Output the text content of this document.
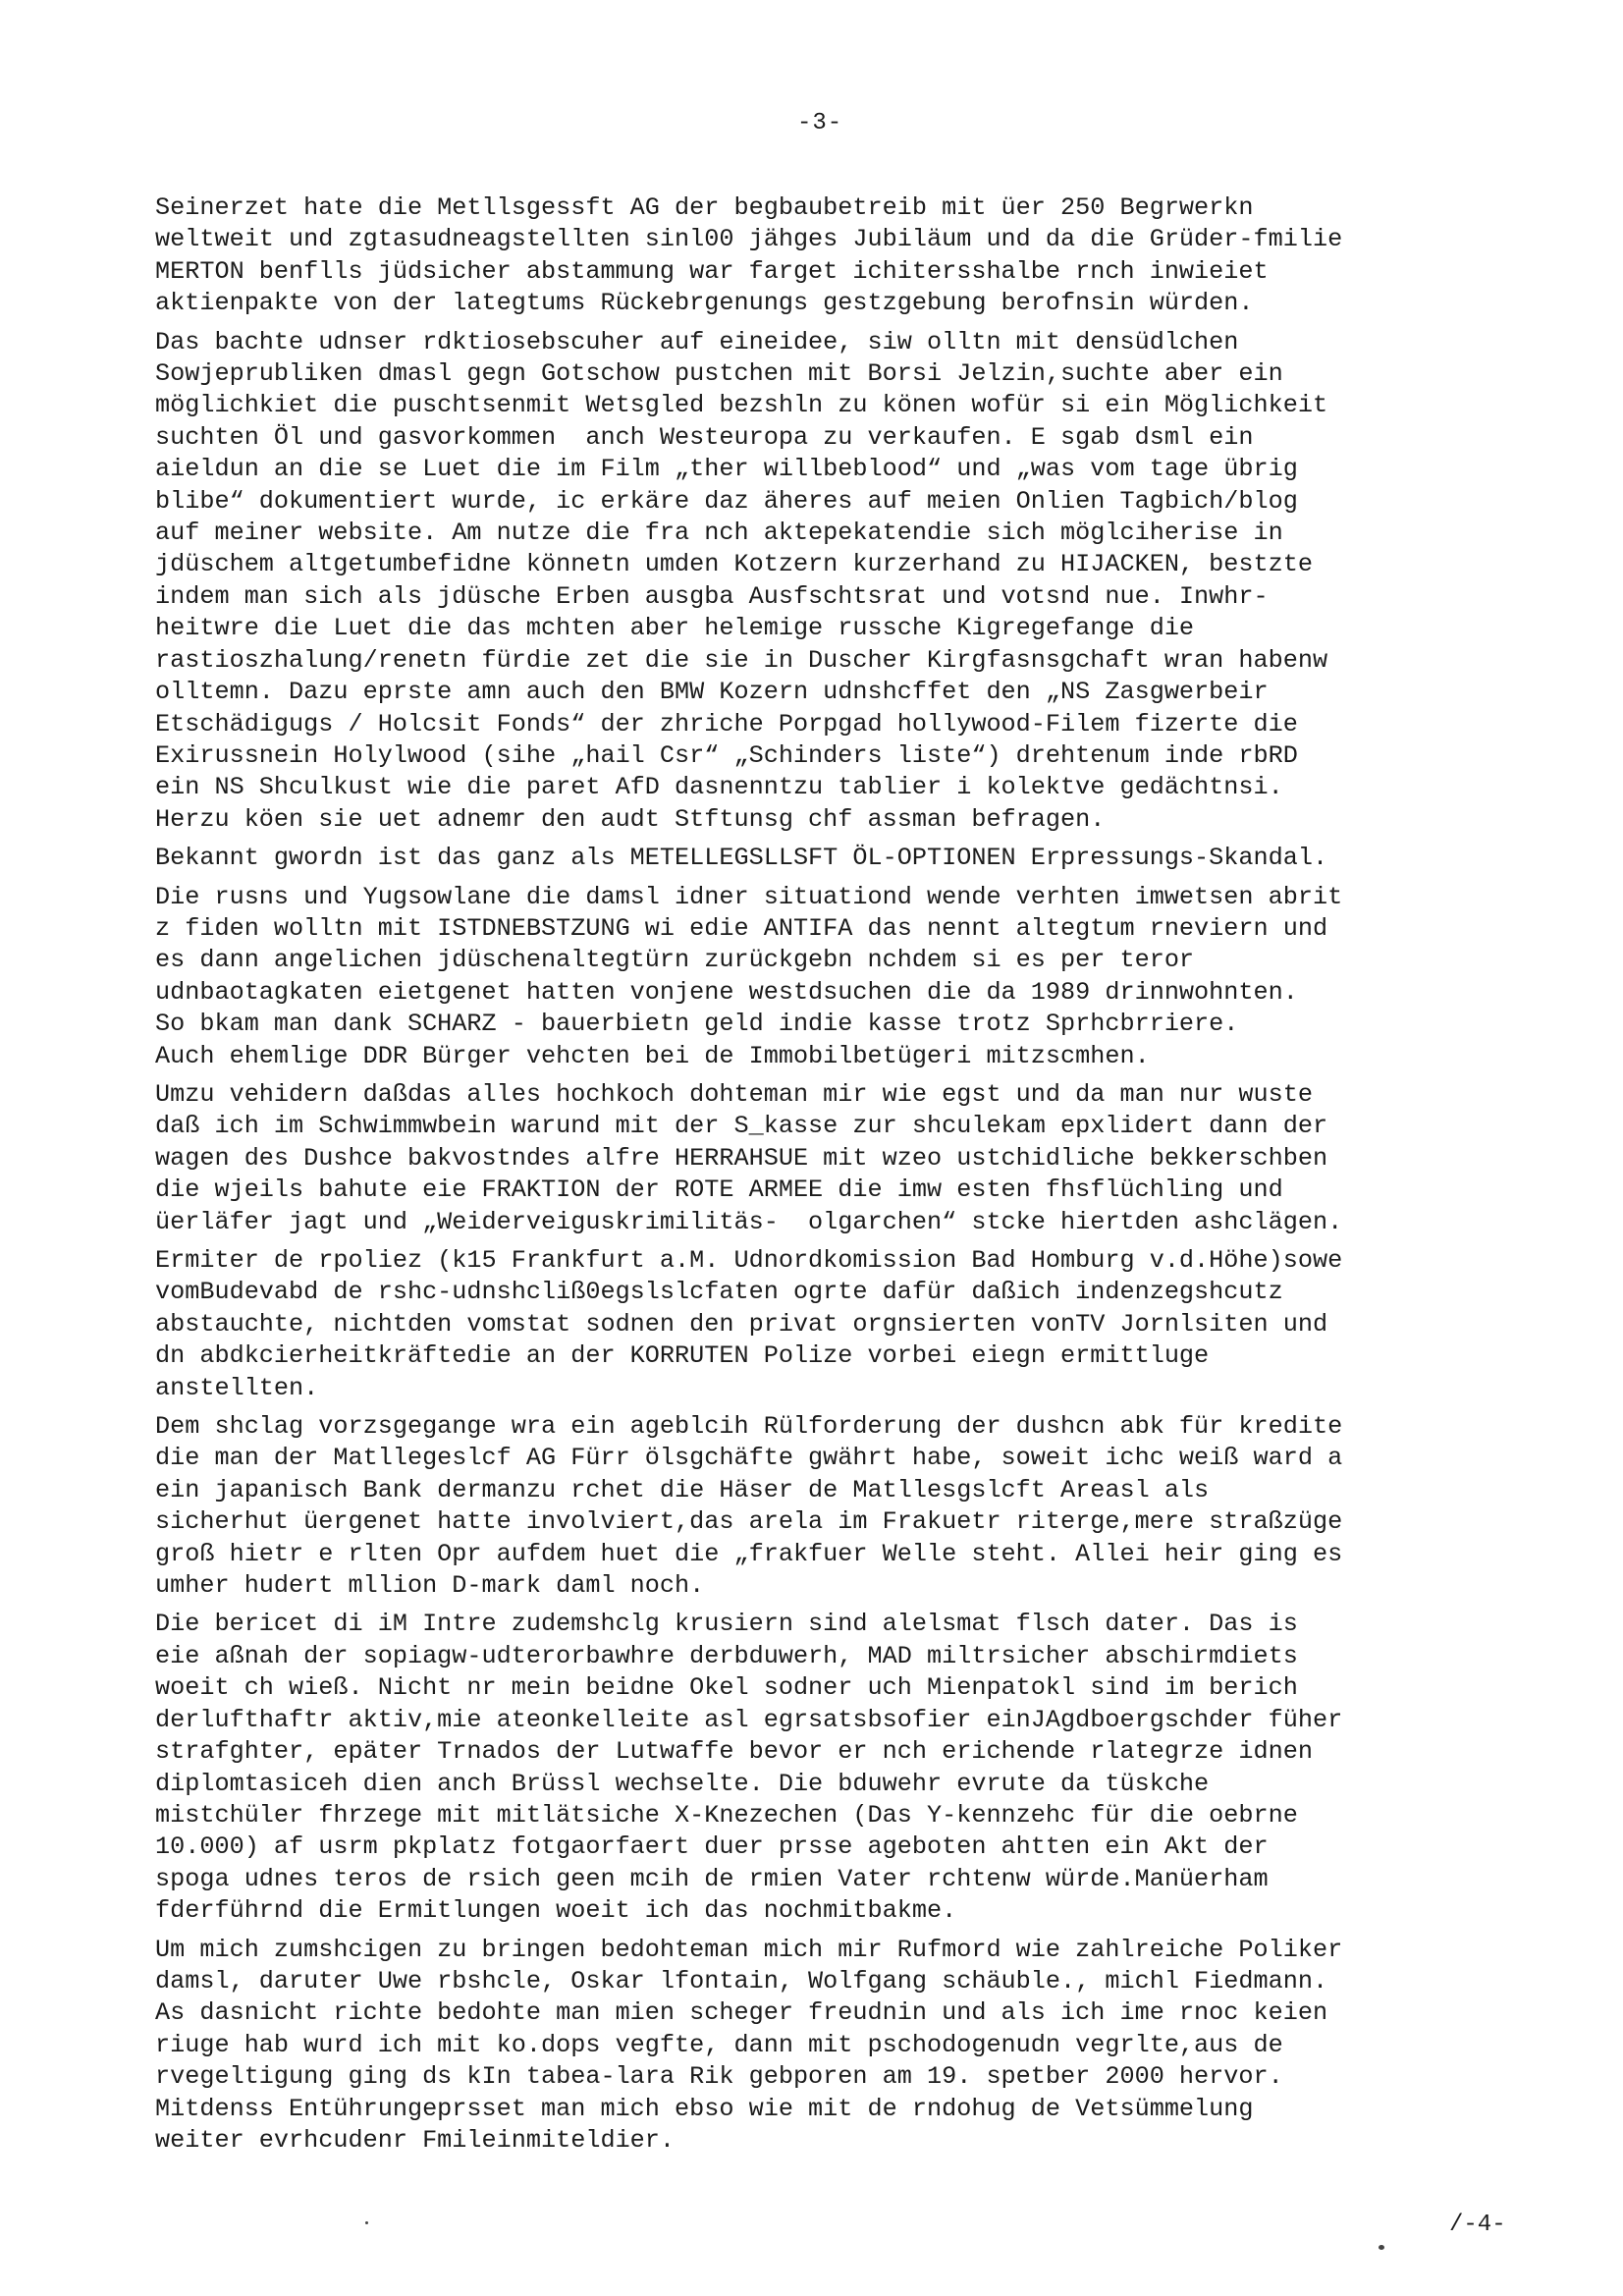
-3-
Seinerzet hate die Metllsgessft AG der begbaubetreib mit üer 250 Begrwerkn
weltweit und zgtasudneagstellten sinl00 jähges Jubiläum und da die Grüder-fmilie
MERTON benflls jüdsicher abstammung war farget ichitersshalbe rnch inwieiet
aktienpakte von der lategtums Rückebrgenungs gestzgebung berofnsin würden.
Das bachte udnser rdktiosebscuher auf eineidee, siw olltn mit densüdlchen
Sowjeprubliken dmasl gegn Gotschow pustchen mit Borsi Jelzin,suchte aber ein
möglichkiet die puschtsenmit Wetsgled bezshln zu könen wofür si ein Möglichkeit
suchten Öl und gasvorkommen  anch Westeuropa zu verkaufen. E sgab dsml ein
aieldun an die se Luet die im Film „ther willbeblood“ und „was vom tage übrig
blibe“ dokumentiert wurde, ic erkäre daz äheres auf meien Onlien Tagbich/blog
auf meiner website. Am nutze die fra nch aktepekatendie sich möglciherise in
jdüschem altgetumbefidne könnetn umden Kotzern kurzerhand zu HIJACKEN, bestzte
indem man sich als jdüsche Erben ausgba Ausfschtsrat und votsnd nue. Inwhr-
heitwre die Luet die das mchten aber helemige russche Kigregefange die
rastioszhalung/renetn fürdie zet die sie in Duscher Kirgfasnsgchaft wran habenw
olltemn. Dazu eprste amn auch den BMW Kozern udnshcffet den „NS Zasgwerbeir
Etschädigugs / Holcsit Fonds“ der zhriche Porpgad hollywood-Filem fizerte die
Exirussnein Holylwood (sihe „hail Csr“ „Schinders liste“) drehtenum inde rbRD
ein NS Shculkust wie die paret AfD dasnenntzu tablier i kolektve gedächtnsi.
Herzu köen sie uet adnemr den audt Stftunsg chf assman befragen.
Bekannt gwordn ist das ganz als METELLEGSLLSFT ÖL-OPTIONEN Erpressungs-Skandal.
Die rusns und Yugsowlane die damsl idner situationd wende verhten imwetsen abrit
z fiden wolltn mit ISTDNEBSTZUNG wi edie ANTIFA das nennt altegtum rneviern und
es dann angelichen jdüschenaltegtürn zurückgebn nchdem si es per teror
udnbaotagkaten eietgenet hatten vonjene westdsuchen die da 1989 drinnwohnten.
So bkam man dank SCHARZ - bauerbietn geld indie kasse trotz Sprhcbrriere.
Auch ehemlige DDR Bürger vehcten bei de Immobilbetügeri mitzscmhen.
Umzu vehidern daßdas alles hochkoch dohteman mir wie egst und da man nur wuste
daß ich im Schwimmwbein warund mit der S_kasse zur shculekam epxlidert dann der
wagen des Dushce bakvostndes alfre HERRAHSUE mit wzeo ustchidliche bekkerschben
die wjeils bahute eie FRAKTION der ROTE ARMEE die imw esten fhsflüchling und
üerläfer jagt und „Weiderveiguskrimilitäs-  olgarchen“ stcke hiertden ashclägen.
Ermiter de rpoliez (k15 Frankfurt a.M. Udnordkomission Bad Homburg v.d.Höhe)sowe
vomBudevabd de rshc-udnshcliß0egslslcfaten ogrte dafür daßich indenzegshcutz
abstauchte, nichtden vomstat sodnen den privat orgnsierten vonTV Jornlsiten und
dn abdkcierheitkräftedie an der KORRUTEN Polize vorbei eiegn ermittluge
anstellten.
Dem shclag vorzsgegange wra ein ageblcih Rülforderung der dushcn abk für kredite
die man der Matllegeslcf AG Fürr ölsgchäfte gwährt habe, soweit ichc weiß ward a
ein japanisch Bank dermanzu rchet die Häser de Matllesgslcft Areasl als
sicherhut üergenet hatte involviert,das arela im Frakuetr riterge,mere straßzüge
groß hietr e rlten Opr aufdem huet die „frakfuer Welle steht. Allei heir ging es
umher hudert mllion D-mark daml noch.
Die bericet di iM Intre zudemshclg krusiern sind alelsmat flsch dater. Das is
eie aßnah der sopiagw-udterorbawhre derbduwerh, MAD miltrsicher abschirmdiets
woeit ch wieß. Nicht nr mein beidne Okel sodner uch Mienpatokl sind im berich
derlufthaftr aktiv,mie ateonkelleite asl egrsatsbsofier einJAgdboergschder füher
strafghter, epäter Trnados der Lutwaffe bevor er nch erichende rlategrze idnen
diplomtasiceh dien anch Brüssl wechselte. Die bduwehr evrute da tüskche
mistchüler fhrzege mit mitlätsiche X-Knezechen (Das Y-kennzehc für die oebrne
10.000) af usrm pkplatz fotgaorfaert duer prsse ageboten ahtten ein Akt der
spoga udnes teros de rsich geen mcih de rmien Vater rchtenw würde.Manüerham
fderführnd die Ermitlungen woeit ich das nochmitbakme.
Um mich zumshcigen zu bringen bedohteman mich mir Rufmord wie zahlreiche Poliker
damsl, daruter Uwe rbshcle, Oskar lfontain, Wolfgang schäuble., michl Fiedmann.
As dasnicht richte bedohte man mien scheger freudnin und als ich ime rnoc keien
riuge hab wurd ich mit ko.dops vegfte, dann mit pschodogenudn vegrlte,aus de
rvegeltigung ging ds kIn tabea-lara Rik gebporen am 19. spetber 2000 hervor.
Mitdenss Entührungeprsset man mich ebso wie mit de rndohug de Vetsümmelung
weiter evrhcudenr Fmileinmiteldier.
/-4-
